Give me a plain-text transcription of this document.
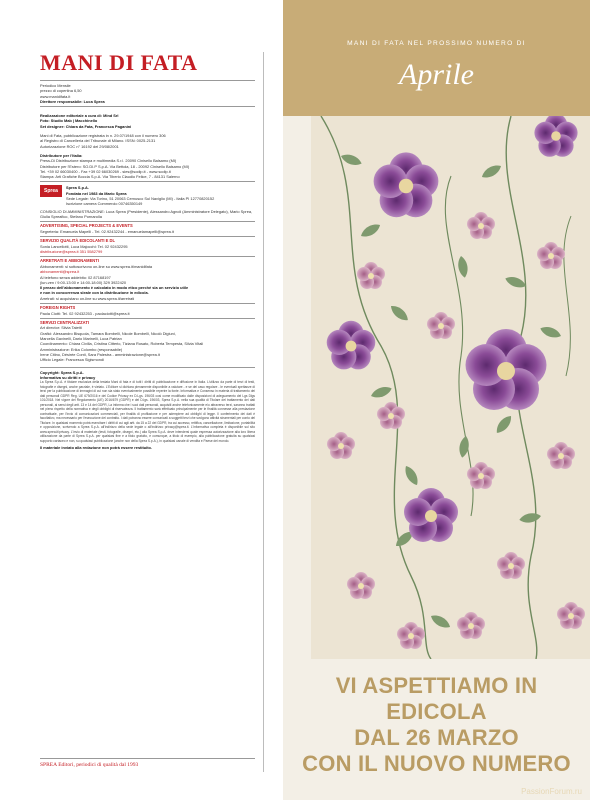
MANI DI FATA
Periodico Mensile
prezzo di copertina 6,50
www.manidifata.it
Direttore responsabile: Luca Sprea
Realizzazione editoriale a cura di: Mind Srl
Foto: Studio Mab | Macchinello
Set designer: Chiara da Fata, Francesca Paganini
Mani di Fata, pubblicazione registrata in n. 29.07/1948 con il numero 306
al Registro di Cancelleria del Tribunale di Milano. ISSN: 0025-2131
Autorizzazione ROC n° 16192 del 29/08/2001
Distributore per l'Italia:
Press-Di Distribuzione stampa e multimedia S.r.l. 20090 Cinisello Balsamo (MI)
Distributore per l'Estero: SO.DI.P S.p.A. Via Bettola, 18 - 20092 Cinisello Balsamo (MI)
Tel. +39 02 66030400 - Fax +39 02 66030269 - sies@sodip.it - www.sodip.it
Stampa: Arti Grafiche Boccia S.p.A. Via Tiberio Claudio Felice, 7 - 84131 Salerno
Sprea
Sprea S.p.A.
Fondata nel 1983 da Mario Sprea
Sede Legale: Via Torino, 51 20063 Cernusco Sul Naviglio (MI) - Italia PI 12770820152
Iscrizione camera Commercio 00746350149
CONSIGLIO DI AMMINISTRAZIONE: Luca Sprea (Presidente), Alessandro Agnoli (Amministratore Delegato), Mario Sprea, Giulia Spreafico, Stefano Pornarolla
ADVERTISING, SPECIAL PROJECTS & EVENTS
Segreteria: Emanuela Mapelli - Tel. 02.92432244 - emanuelamapelli@sprea.it
SERVIZIO QUALITÀ EDICOLANTI E DL
Sonia Lancellotti, Luca Majocchi: Tel. 02 92432295
distribuzione@sprea.it 351 5582799
ARRETRATI E ABBONAMENTI
Abbonamenti: si sottoscrivono on-line su www.sprea.it/manidifata
abbonamenti@sprea.it
Al telefono senza addebito: 02 87168197
(lun-ven / 9:00-13:00 e 14:00-18:00) 329 3922420
Il prezzo dell'abbonamento è calcolato in modo etico perché sia un servizio utile
e non in concorrenza sleale con la distribuzione in edicola.
Arretrati: si acquistano on-line su www.sprea.it/arretrati
FOREIGN RIGHTS
Paola Ciotti: Tel. 02 92432253 - paolaciotti@sprea.it
SERVIZI CENTRALIZZATI
Art director: Silvia Taietti
Grafici: Alessandro Bisquola, Tamara Bombelli, Nicole Bombelli, Nicolò Digiuni,
Marcella Gavinelli, Dario Marinelli, Luca Patrian
Coordinamento: Chiara Civilla, Cristina Citterio, Tiziana Rosato, Roberta Tempesta, Silvia Vitali
Amministrazione: Erika Colombo (responsabile)
Irene Citino, Désirée Conti, Sara Palestra - amministrazione@sprea.it
Ufficio Legale: Francesca Sigismondi
Copyright: Sprea S.p.A.
Informativa su diritti e privacy
La Sprea S.p.A. è titolare esclusiva della testata Mani di fata e di tutti i diritti di pubblicazione e diffusione in Italia. L'utilizzo da parte di terzi di testi, fotografie e disegni, anche parziale, è vietato. L'Editore si dichiara pienamente disponibile a valutare - e se del caso regolare - le eventuali spettanze di terzi per la pubblicazione di immagini di cui non sia stato eventualmente possibile reperire la fonte. Informativa e Consenso in materia di trattamento dei dati personali GDPR Reg. UE 679/2016 e del Codice Privacy ex D.Lgs. 196/03 così come modificato dalle disposizioni di adeguamento del Lgs Dlgs 101/2018. Nel vigore del Regolamento (UE) 2016/679 (GDPR) e del D.lgs. 196/03, Sprea S.p.A. nella sua qualità di Titolare del trattamento dei dati personali, ai sensi degli artt. 13 e 14 del GDPR, La informa che i suoi dati personali, acquisiti anche telefonicamente e/o attraverso terzi, saranno trattati nel pieno rispetto della normativa e degli obblighi di riservatezza. Il trattamento sarà effettuato principalmente per le finalità connesse alla prestazione contrattuale, per l'invio di comunicazioni commerciali, per finalità di profilazione e per adempiere ad obblighi di legge. Il conferimento dei dati è facoltativo, ma necessario per l'esecuzione del contratto. I dati potranno essere comunicati a soggetti terzi che svolgono attività strumentali per conto del Titolare. In qualsiasi momento potrà esercitare i diritti di cui agli artt. da 15 a 22 del GDPR, tra cui accesso, rettifica, cancellazione, limitazione, portabilità e opposizione, scrivendo a Sprea S.p.A. all'indirizzo della sede legale o all'indirizzo privacy@sprea.it. L'informativa completa è disponibile sul sito www.sprea.it/privacy. L'invio di materiale (testi, fotografie, disegni, etc.) alla Sprea S.p.A. deve intendersi quale espressa autorizzazione alla loro libera utilizzazione da parte di Sprea S.p.A. per qualsiasi fine e a titolo gratuito, e comunque, a titolo di esempio, alla pubblicazione gratuita su qualsiasi supporto cartaceo e non, su qualsiasi pubblicazione (anche non della Sprea S.p.A.), in qualsiasi canale di vendita e Paese del mondo.
Il materiale inviato alla redazione non potrà essere restituito.
SPREA Editori, periodici di qualità dal 1993
MANI DI FATA NEL PROSSIMO NUMERO DI
Aprile
VI ASPETTIAMO IN EDICOLA
DAL 26 MARZO
CON IL NUOVO NUMERO
PassionForum.ru
